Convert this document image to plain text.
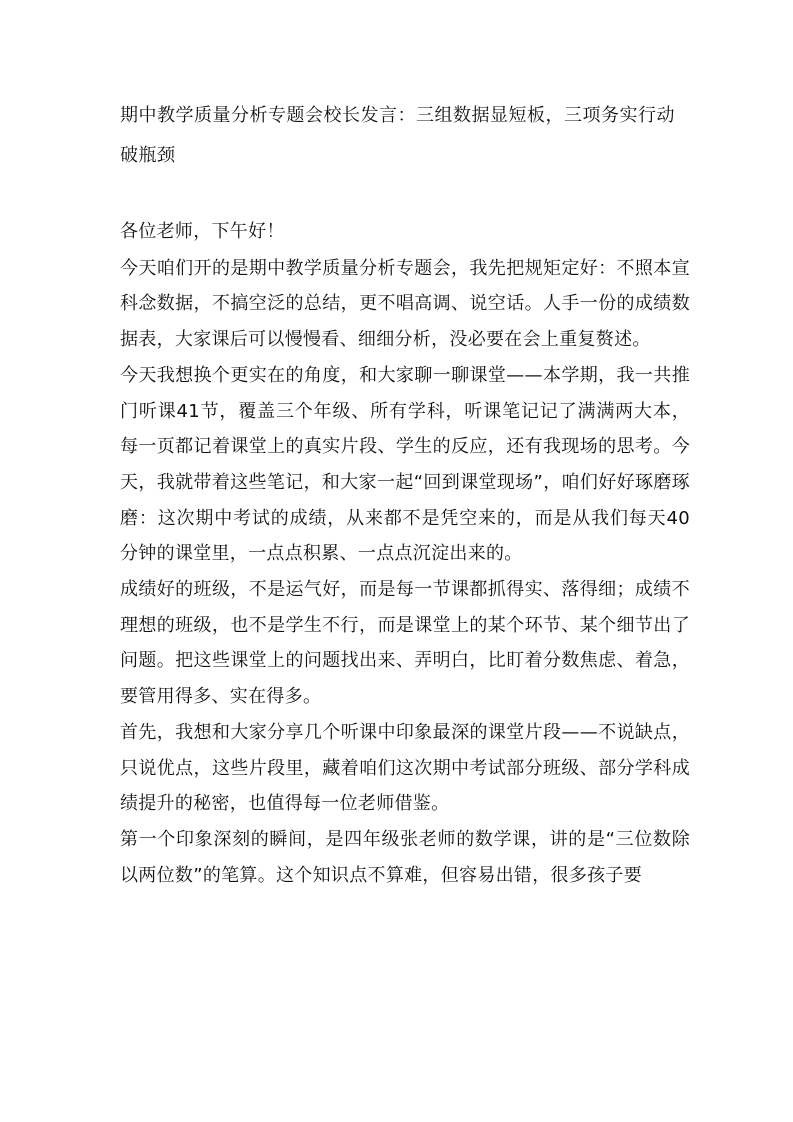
期中教学质量分析专题会校长发言：三组数据显短板，三项务实行动破瓶颈

各位老师，下午好！

今天咱们开的是期中教学质量分析专题会，我先把规矩定好：不照本宣科念数据，不搞空泛的总结，更不唱高调、说空话。人手一份的成绩数据表，大家课后可以慢慢看、细细分析，没必要在会上重复赘述。

今天我想换个更实在的角度，和大家聊一聊课堂——本学期，我一共推门听课41节，覆盖三个年级、所有学科，听课笔记记了满满两大本，每一页都记着课堂上的真实片段、学生的反应，还有我现场的思考。今天，我就带着这些笔记，和大家一起“回到课堂现场”，咱们好好琢磨琢磨：这次期中考试的成绩，从来都不是凭空来的，而是从我们每天40分钟的课堂里，一点点积累、一点点沉淀出来的。

成绩好的班级，不是运气好，而是每一节课都抓得实、落得细；成绩不理想的班级，也不是学生不行，而是课堂上的某个环节、某个细节出了问题。把这些课堂上的问题找出来、弄明白，比盯着分数焦虑、着急，要管用得多、实在得多。

首先，我想和大家分享几个听课中印象最深的课堂片段——不说缺点，只说优点，这些片段里，藏着咱们这次期中考试部分班级、部分学科成绩提升的秘密，也值得每一位老师借鉴。

第一个印象深刻的瞬间，是四年级张老师的数学课，讲的是“三位数除以两位数”的笔算。这个知识点不算难，但容易出错，很多孩子要
